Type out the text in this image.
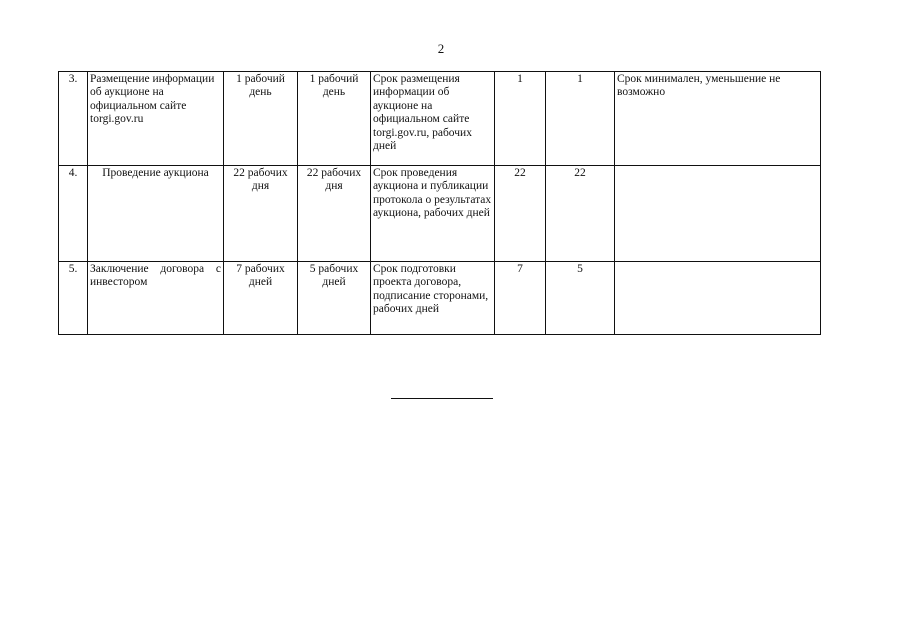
2
3.	Размещение информации об аукционе на официальном сайте torgi.gov.ru	1 рабочий день	1 рабочий день	Срок размещения информации об аукционе на официальном сайте torgi.gov.ru, рабочих дней	1	1	Срок минимален, уменьшение не возможно
4.	Проведение аукциона	22 рабочих дня	22 рабочих дня	Срок проведения аукциона и публикации протокола о результатах аукциона, рабочих дней	22	22	
5.	Заключение договора с инвестором	7 рабочих дней	5 рабочих дней	Срок подготовки проекта договора, подписание сторонами, рабочих дней	7	5	
